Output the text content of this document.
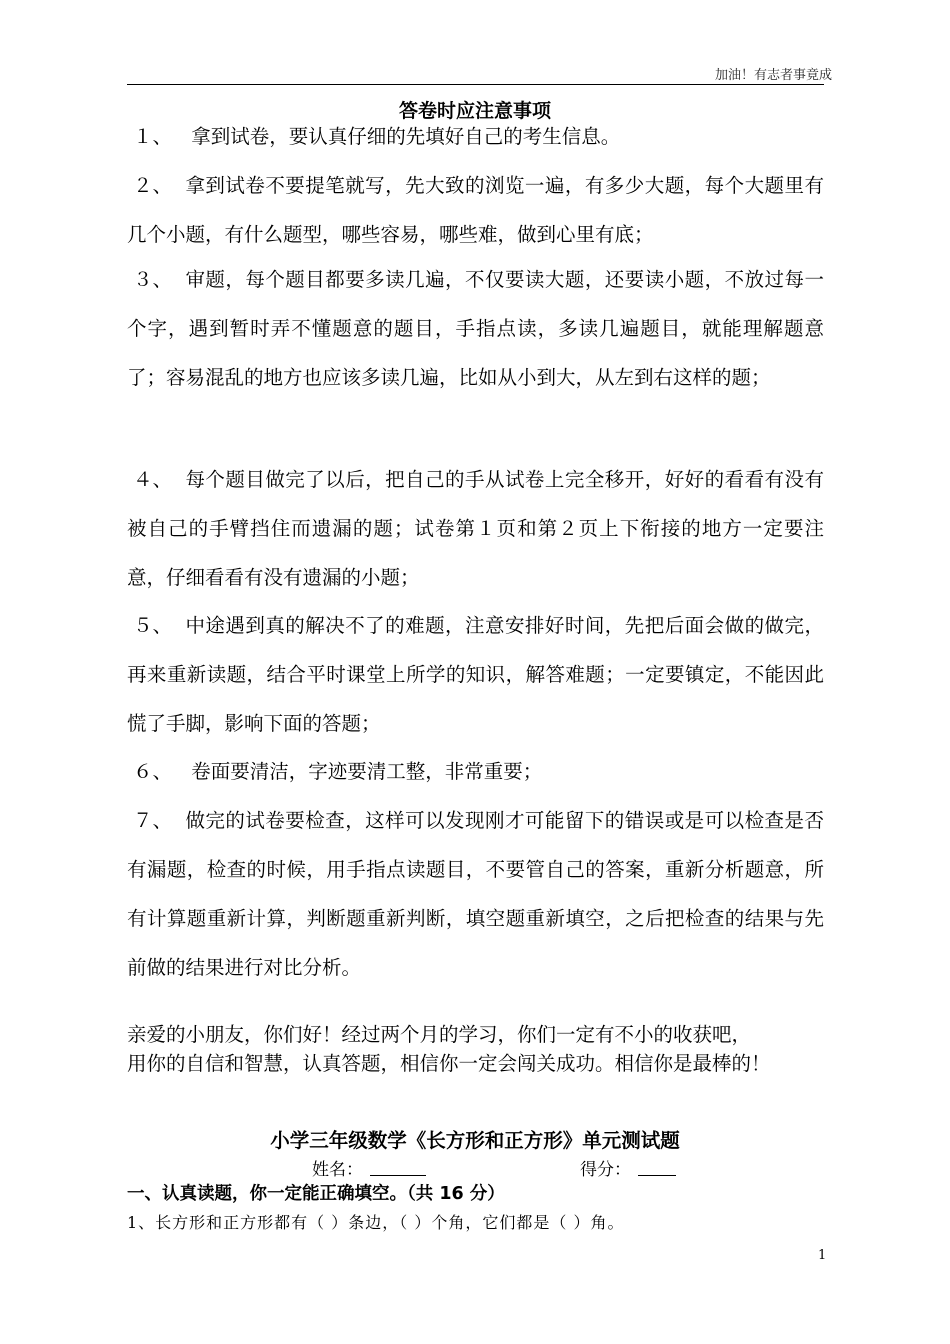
加油！有志者事竟成
答卷时应注意事项
１、 拿到试卷，要认真仔细的先填好自己的考生信息。
２、 拿到试卷不要提笔就写，先大致的浏览一遍，有多少大题，每个大题里有几个小题，有什么题型，哪些容易，哪些难，做到心里有底；
３、 审题，每个题目都要多读几遍，不仅要读大题，还要读小题，不放过每一个字，遇到暂时弄不懂题意的题目，手指点读，多读几遍题目，就能理解题意了；容易混乱的地方也应该多读几遍，比如从小到大，从左到右这样的题；
４、 每个题目做完了以后，把自己的手从试卷上完全移开，好好的看看有没有被自己的手臂挡住而遗漏的题；试卷第１页和第２页上下衔接的地方一定要注意，仔细看看有没有遗漏的小题；
５、 中途遇到真的解决不了的难题，注意安排好时间，先把后面会做的做完，再来重新读题，结合平时课堂上所学的知识，解答难题；一定要镇定，不能因此慌了手脚，影响下面的答题；
６、 卷面要清洁，字迹要清工整，非常重要；
７、 做完的试卷要检查，这样可以发现刚才可能留下的错误或是可以检查是否有漏题，检查的时候，用手指点读题目，不要管自己的答案，重新分析题意，所有计算题重新计算，判断题重新判断，填空题重新填空，之后把检查的结果与先前做的结果进行对比分析。
亲爱的小朋友，你们好！经过两个月的学习，你们一定有不小的收获吧，
用你的自信和智慧，认真答题，相信你一定会闯关成功。相信你是最棒的！
小学三年级数学《长方形和正方形》单元测试题
姓名：	得分：
一、认真读题，你一定能正确填空。（共 16 分）
1、长方形和正方形都有（ ）条边，（ ）个角，它们都是（ ）角。
1
